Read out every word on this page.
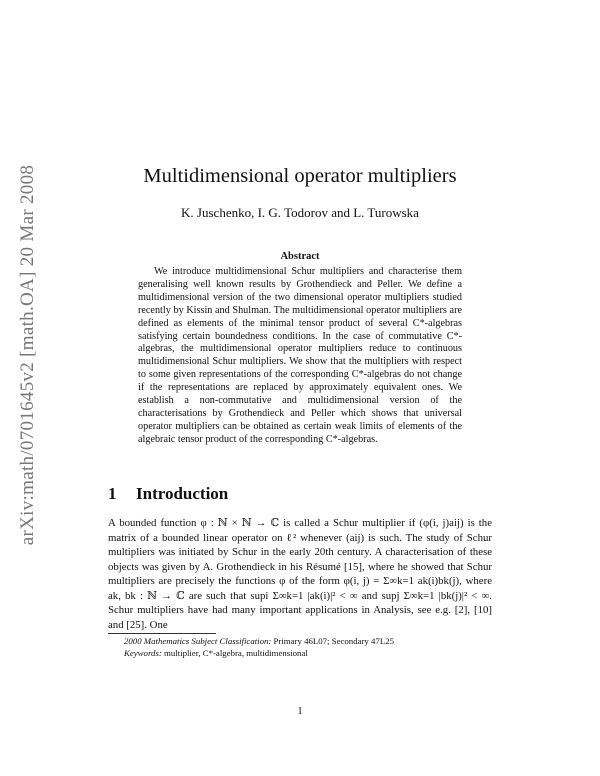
arXiv:math/0701645v2 [math.OA] 20 Mar 2008	Multidimensional operator multipliers
K. Juschenko, I. G. Todorov and L. Turowska
Abstract

We introduce multidimensional Schur multipliers and characterise them generalising well known results by Grothendieck and Peller. We define a multidimensional version of the two dimensional operator multipliers studied recently by Kissin and Shulman. The multidimensional operator multipliers are defined as elements of the minimal tensor product of several C*-algebras satisfying certain boundedness conditions. In the case of commutative C*-algebras, the multidimensional operator multipliers reduce to continuous multidimensional Schur multipliers. We show that the multipliers with respect to some given representations of the corresponding C*-algebras do not change if the representations are replaced by approximately equivalent ones. We establish a non-commutative and multidimensional version of the characterisations by Grothendieck and Peller which shows that universal operator multipliers can be obtained as certain weak limits of elements of the algebraic tensor product of the corresponding C*-algebras.

1 Introduction

A bounded function φ : ℕ × ℕ → ℂ is called a Schur multiplier if (φ(i, j)aij) is the matrix of a bounded linear operator on ℓ² whenever (aij) is such. The study of Schur multipliers was initiated by Schur in the early 20th century. A characterisation of these objects was given by A. Grothendieck in his Résumé [15], where he showed that Schur multipliers are precisely the functions φ of the form φ(i, j) = Σ∞k=1 ak(i)bk(j), where ak, bk : ℕ → ℂ are such that supi Σ∞k=1 |ak(i)|² < ∞ and supj Σ∞k=1 |bk(j)|² < ∞. Schur multipliers have had many important applications in Analysis, see e.g. [2], [10] and [25]. One

2000 Mathematics Subject Classification: Primary 46L07; Secondary 47L25
Keywords: multiplier, C*-algebra, multidimensional
1
